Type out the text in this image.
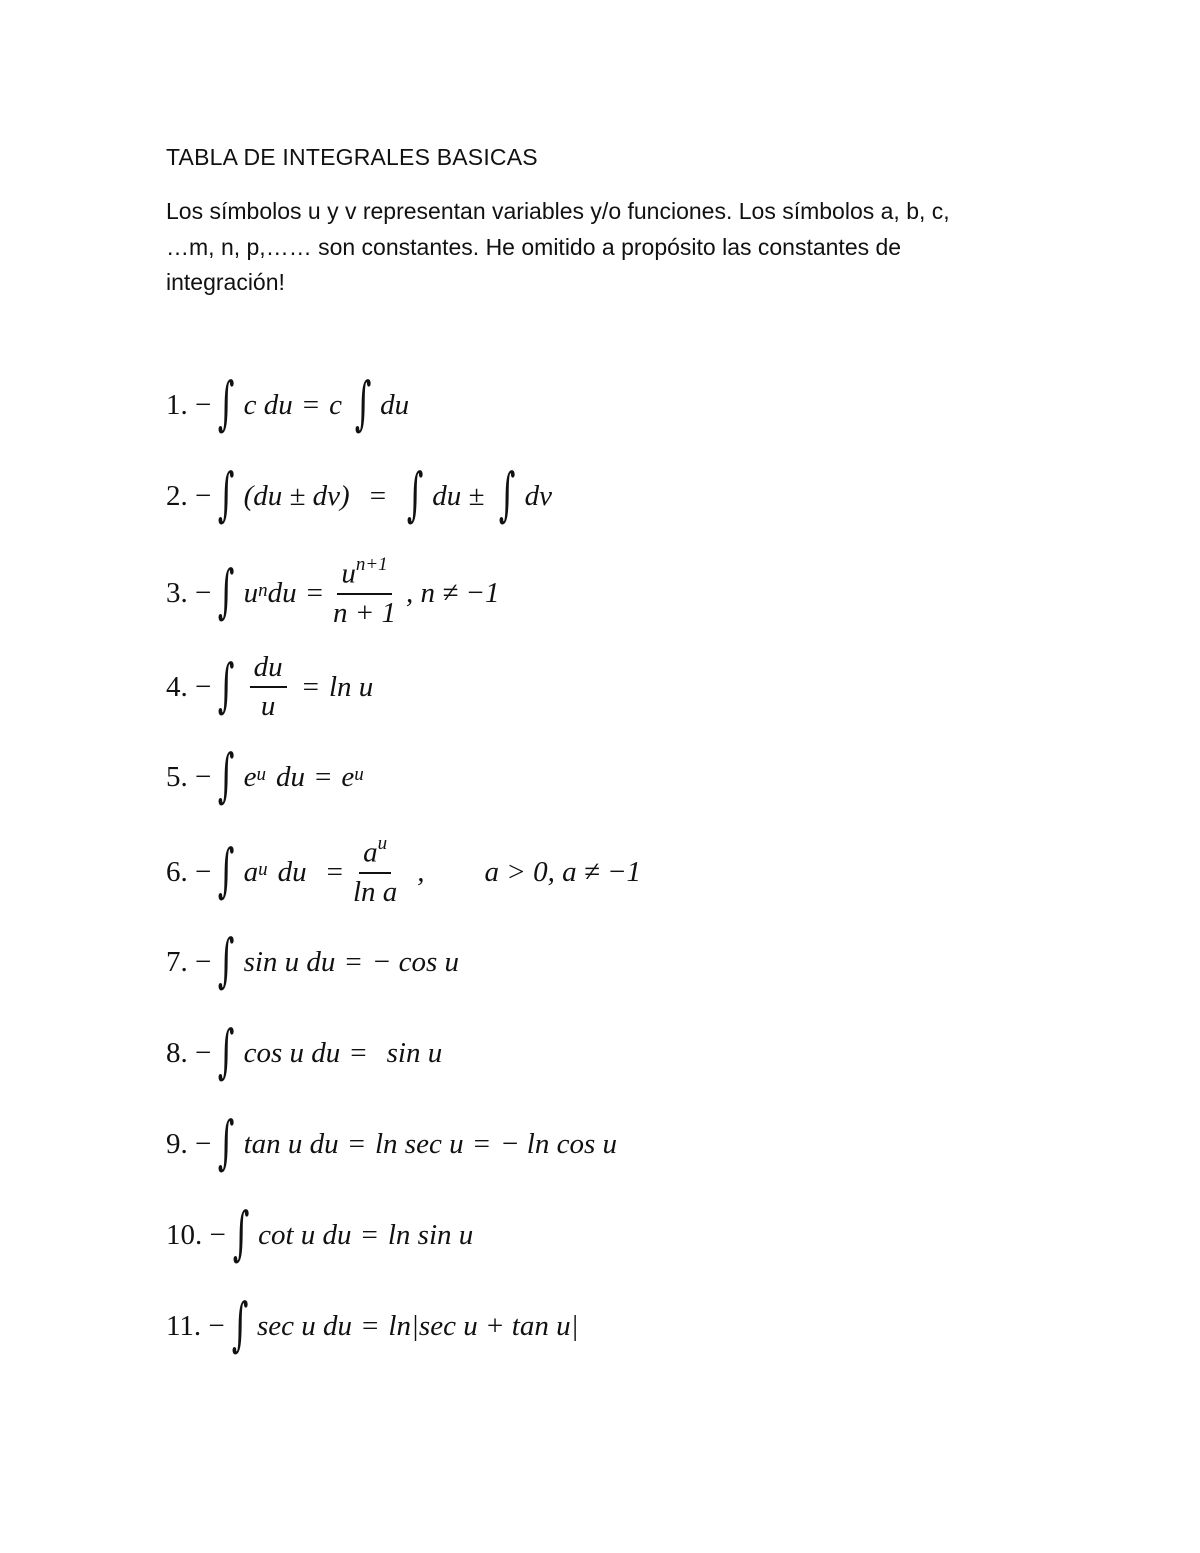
TABLA DE INTEGRALES BASICAS

Los símbolos u y v representan variables y/o funciones. Los símbolos a, b, c,

…m, n, p,…… son constantes. He omitido a propósito las constantes de

integración!

1. − ∫ c du = c ∫ du
2. − ∫ (du ± dv) = ∫ du ± ∫ dv
3. − ∫ $u^n$ du = $\frac{u^{n+1}}{n + 1}$ , n ≠ −1
4. − ∫ $\frac{du}{u} = \ln u$
5. − ∫ $e^u$ du = $e^u$
6. − ∫ $a^u$ du = $\frac{a^u}{\text{ln a}}$ , a > 0, a ≠ −1
7. − ∫ sin u du = − cos u
8. − ∫ cos u du = sin u
9. − ∫ tan u du = ln sec u = − ln cos u
10. − ∫ cot u du = ln sin u
11. − ∫ sec u du = ln|sec u + tan u|
